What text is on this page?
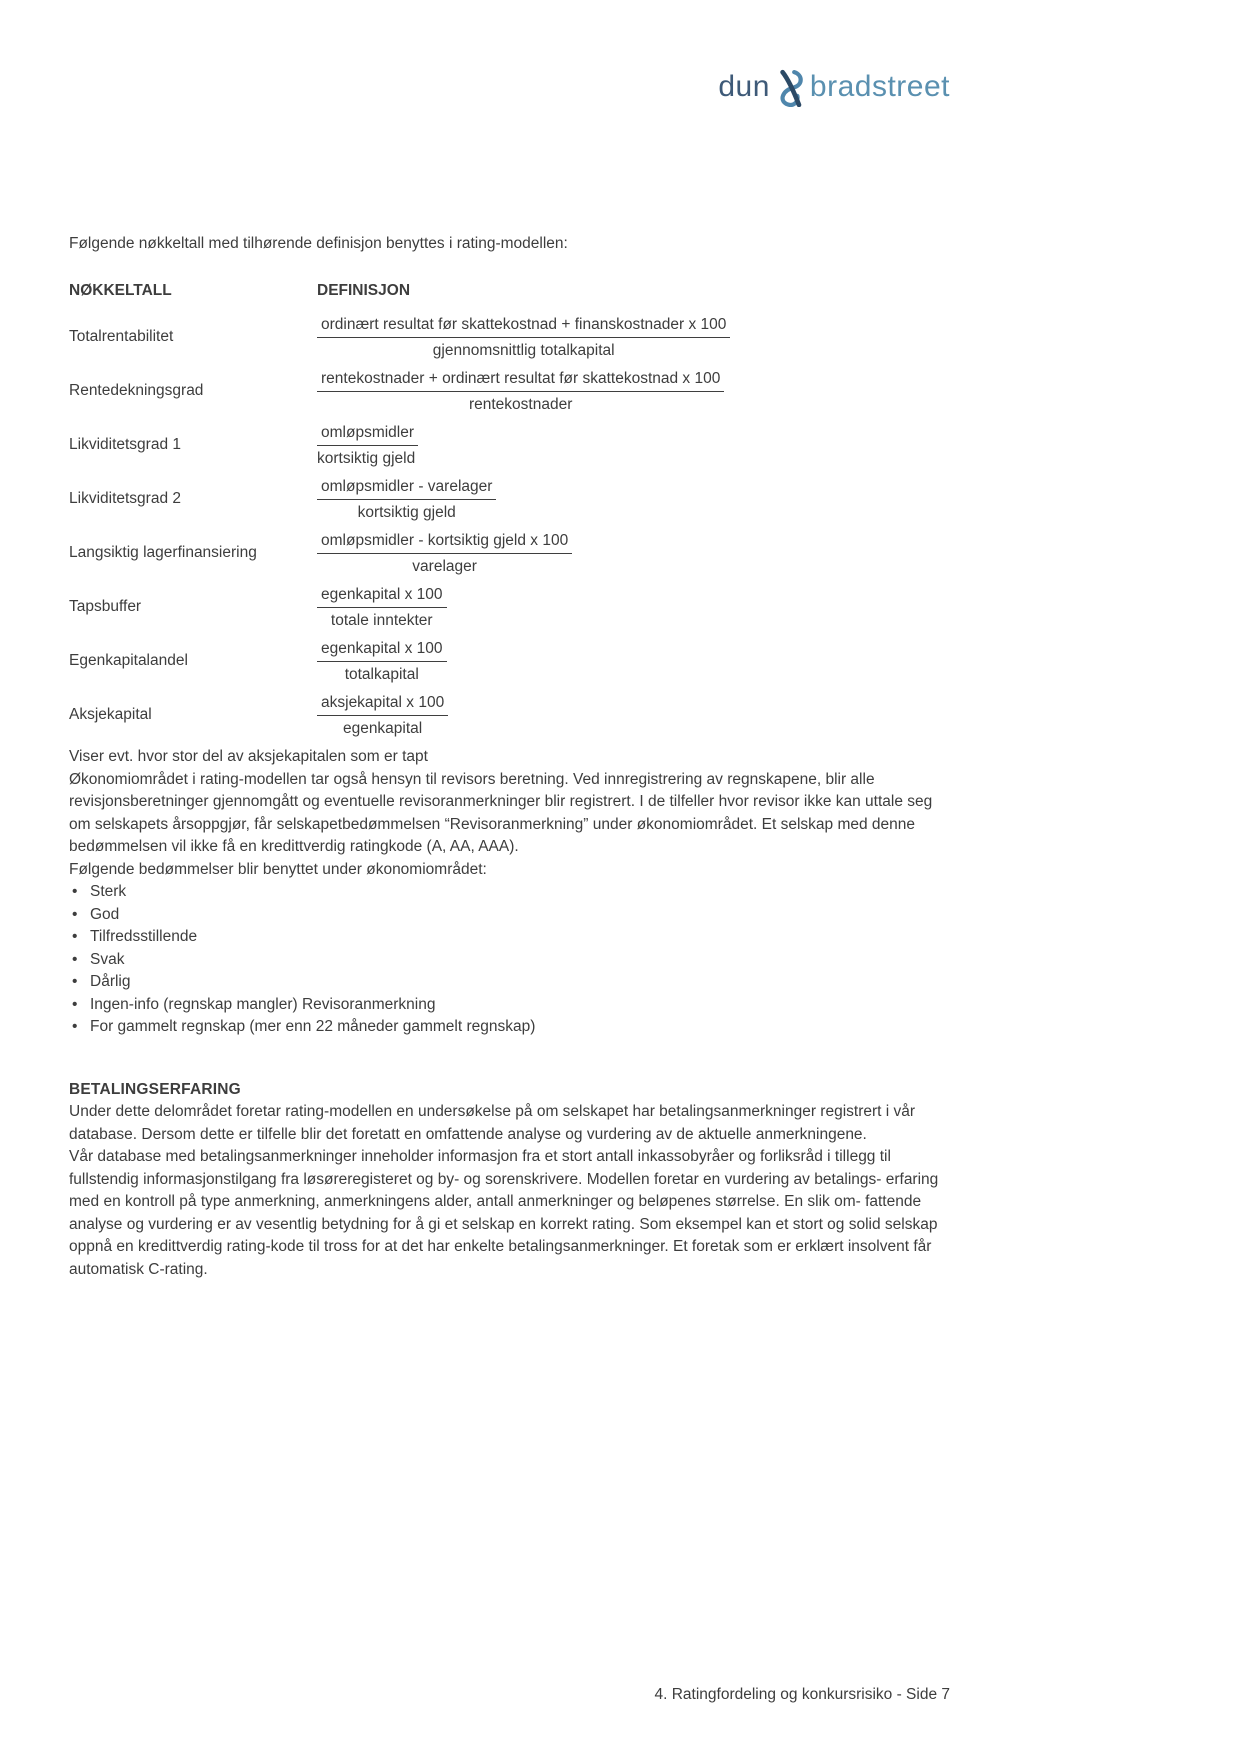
dun bradstreet

Følgende nøkkeltall med tilhørende definisjon benyttes i rating-modellen:

NØKKELTALL	DEFINISJON
Totalrentabilitet	$\frac{\text{ordinært resultat før skattekostnad + finanskostnader x 100}}{\text{gjennomsnittlig totalkapital}}$
Rentedekningsgrad	$\frac{\text{rentekostnader + ordinært resultat før skattekostnad x 100}}{\text{rentekostnader}}$
Likviditetsgrad 1	$\frac{\text{omløpsmidler}}{\text{kortsiktig gjeld}}$
Likviditetsgrad 2	$\frac{\text{omløpsmidler - varelager}}{\text{kortsiktig gjeld}}$
Langsiktig lagerfinansiering	$\frac{\text{omløpsmidler - kortsiktig gjeld x 100}}{\text{varelager}}$
Tapsbuffer	$\frac{\text{egenkapital x 100}}{\text{totale inntekter}}$
Egenkapitalandel	$\frac{\text{egenkapital x 100}}{\text{totalkapital}}$
Aksjekapital	$\frac{\text{aksjekapital x 100}}{\text{egenkapital}}$

Viser evt. hvor stor del av aksjekapitalen som er tapt

Økonomiområdet i rating-modellen tar også hensyn til revisors beretning. Ved innregistrering av regnskapene, blir alle revisjonsberetninger gjennomgått og eventuelle revisoranmerkninger blir registrert. I de tilfeller hvor revisor ikke kan uttale seg om selskapets årsoppgjør, får selskapetbedømmelsen “Revisoranmerkning” under økonomiområdet. Et selskap med denne bedømmelsen vil ikke få en kredittverdig ratingkode (A, AA, AAA).

Følgende bedømmelser blir benyttet under økonomiområdet:

• Sterk
• God
• Tilfredsstillende
• Svak
• Dårlig
• Ingen-info (regnskap mangler) Revisoranmerkning
• For gammelt regnskap (mer enn 22 måneder gammelt regnskap)
BETALINGSERFARING

Under dette delområdet foretar rating-modellen en undersøkelse på om selskapet har betalingsanmerkninger registrert i vår database. Dersom dette er tilfelle blir det foretatt en omfattende analyse og vurdering av de aktuelle anmerkningene.

Vår database med betalingsanmerkninger inneholder informasjon fra et stort antall inkassobyråer og forliksråd i tillegg til fullstendig informasjonstilgang fra løsøreregisteret og by- og sorenskrivere. Modellen foretar en vurdering av betalings- erfaring med en kontroll på type anmerkning, anmerkningens alder, antall anmerkninger og beløpenes størrelse. En slik om- fattende analyse og vurdering er av vesentlig betydning for å gi et selskap en korrekt rating. Som eksempel kan et stort og solid selskap oppnå en kredittverdig rating-kode til tross for at det har enkelte betalingsanmerkninger. Et foretak som er erklært insolvent får automatisk C-rating.

4. Ratingfordeling og konkursrisiko - Side 7
